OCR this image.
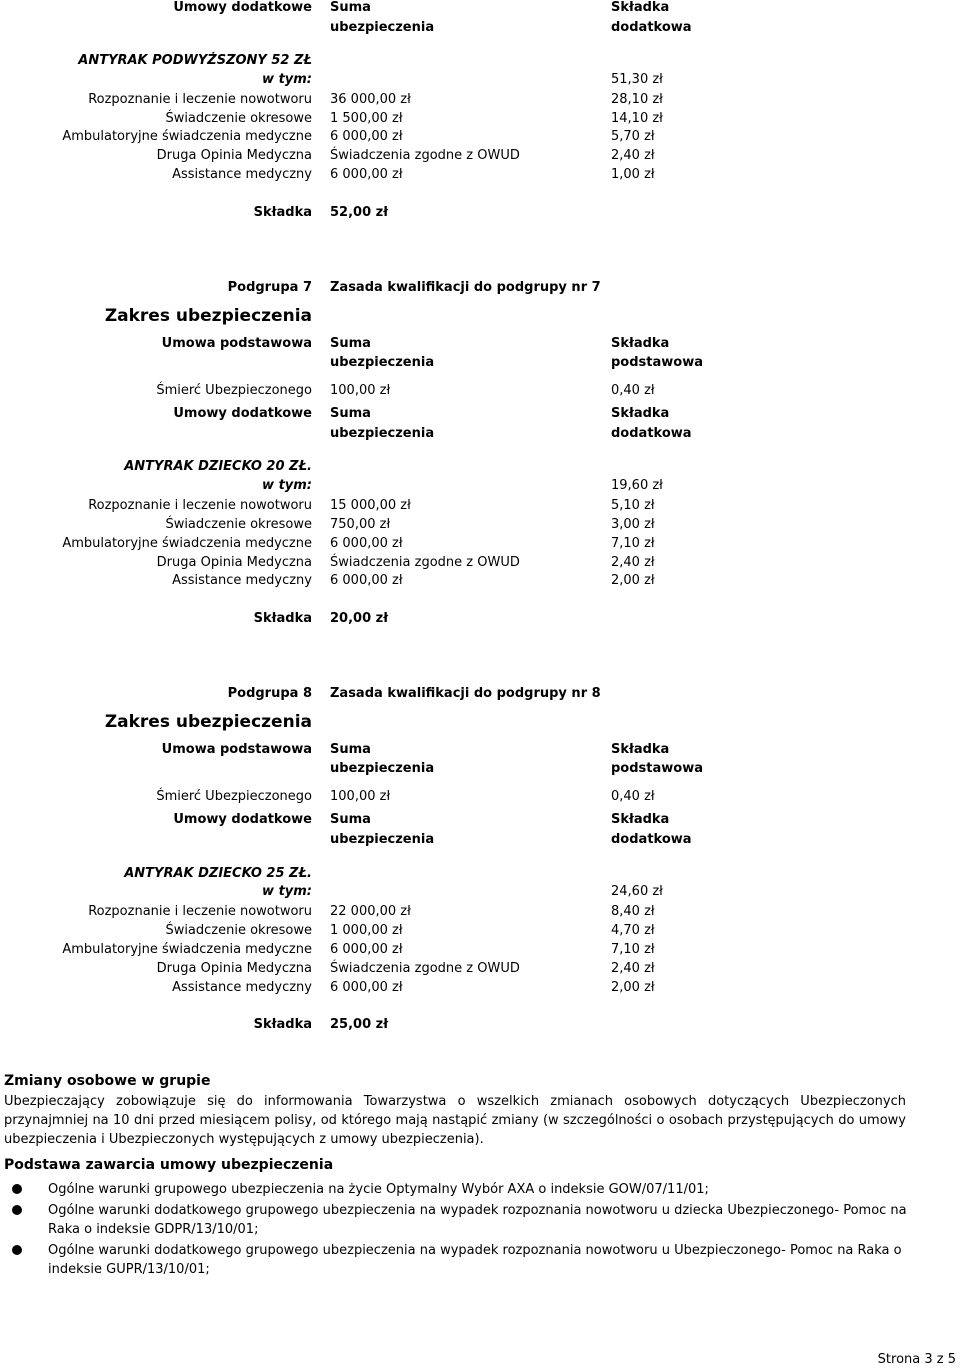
Umowy dodatkowe Suma	Składka
ubezpieczenia	dodatkowa
ANTYRAK PODWYŻSZONY 52 ZŁ
w tym:	51,30 zł
Rozpoznanie i leczenie nowotworu 36 000,00 zł	28,10 zł
Świadczenie okresowe 1 500,00 zł	14,10 zł
Ambulatoryjne świadczenia medyczne 6 000,00 zł	5,70 zł
Druga Opinia Medyczna Świadczenia zgodne z OWUD	2,40 zł
Assistance medyczny 6 000,00 zł	1,00 zł
Składka 52,00 zł
Podgrupa 7 Zasada kwalifikacji do podgrupy nr 7
Zakres ubezpieczenia
Umowa podstawowa Suma	Składka
ubezpieczenia	podstawowa
Śmierć Ubezpieczonego 100,00 zł	0,40 zł
Umowy dodatkowe Suma	Składka
ubezpieczenia	dodatkowa
ANTYRAK DZIECKO 20 ZŁ.
w tym:	19,60 zł
Rozpoznanie i leczenie nowotworu 15 000,00 zł	5,10 zł
Świadczenie okresowe 750,00 zł	3,00 zł
Ambulatoryjne świadczenia medyczne 6 000,00 zł	7,10 zł
Druga Opinia Medyczna Świadczenia zgodne z OWUD	2,40 zł
Assistance medyczny 6 000,00 zł	2,00 zł
Składka 20,00 zł
Podgrupa 8 Zasada kwalifikacji do podgrupy nr 8
Zakres ubezpieczenia
Umowa podstawowa Suma	Składka
ubezpieczenia	podstawowa
Śmierć Ubezpieczonego 100,00 zł	0,40 zł
Umowy dodatkowe Suma	Składka
ubezpieczenia	dodatkowa
ANTYRAK DZIECKO 25 ZŁ.
w tym:	24,60 zł
Rozpoznanie i leczenie nowotworu 22 000,00 zł	8,40 zł
Świadczenie okresowe 1 000,00 zł	4,70 zł
Ambulatoryjne świadczenia medyczne 6 000,00 zł	7,10 zł
Druga Opinia Medyczna Świadczenia zgodne z OWUD	2,40 zł
Assistance medyczny 6 000,00 zł	2,00 zł
Składka 25,00 zł
Zmiany osobowe w grupie
Ubezpieczający zobowiązuje się do informowania Towarzystwa o wszelkich zmianach osobowych dotyczących Ubezpieczonych przynajmniej na 10 dni przed miesiącem polisy, od którego mają nastąpić zmiany (w szczególności o osobach przystępujących do umowy ubezpieczenia i Ubezpieczonych występujących z umowy ubezpieczenia).
Podstawa zawarcia umowy ubezpieczenia
Ogólne warunki grupowego ubezpieczenia na życie Optymalny Wybór AXA o indeksie GOW/07/11/01;
Ogólne warunki dodatkowego grupowego ubezpieczenia na wypadek rozpoznania nowotworu u dziecka Ubezpieczonego- Pomoc na Raka o indeksie GDPR/13/10/01;
Ogólne warunki dodatkowego grupowego ubezpieczenia na wypadek rozpoznania nowotworu u Ubezpieczonego- Pomoc na Raka o indeksie GUPR/13/10/01;
Strona 3 z 5
